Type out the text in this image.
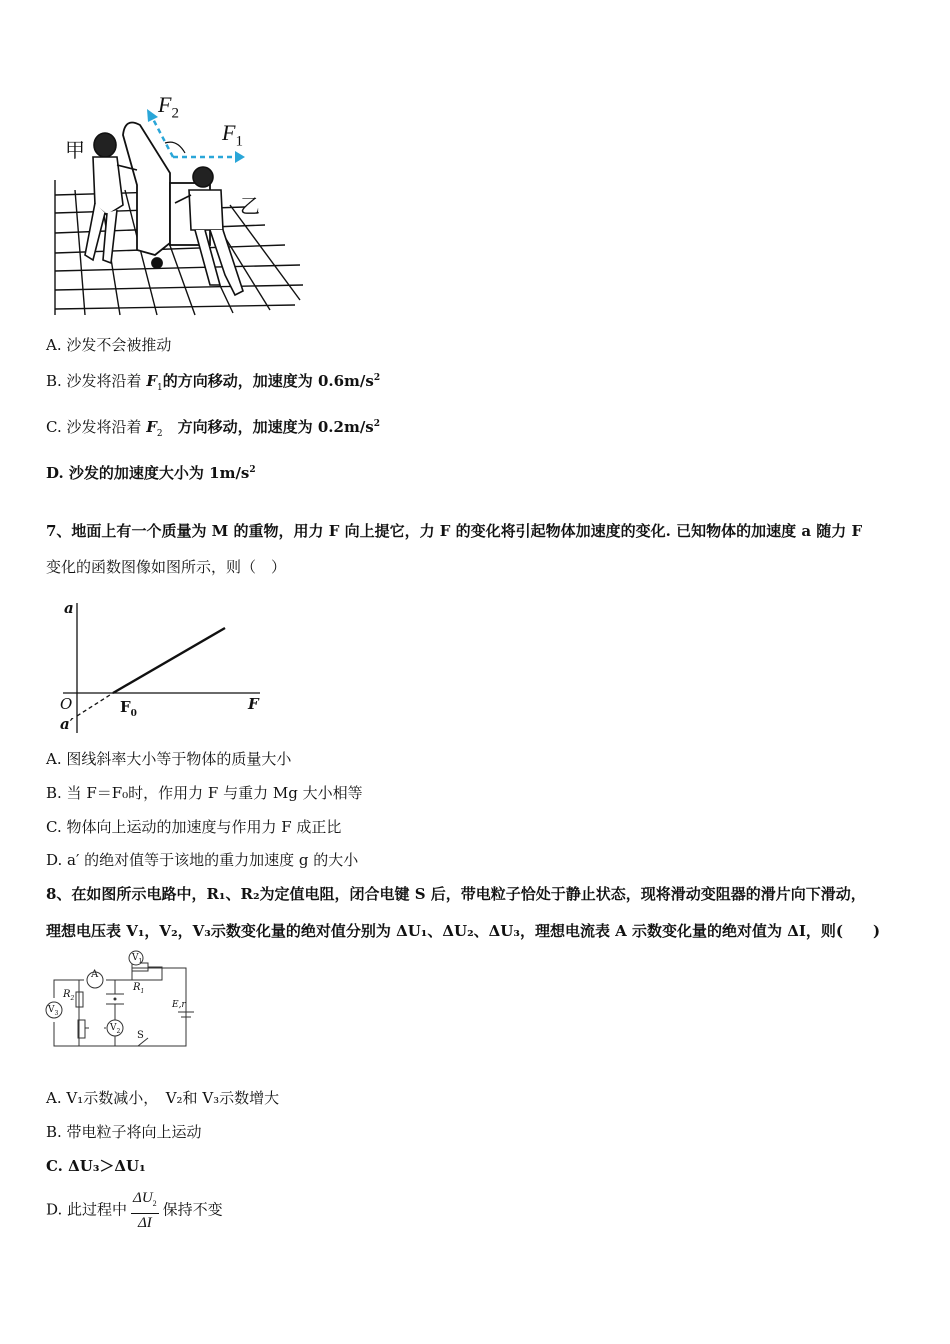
$F_2$
$F_1$
甲
乙
A. 沙发不会被推动
B. 沙发将沿着 $F_1$的方向移动，加速度为 $0.6m/s^2$
C. 沙发将沿着 $F_2$　方向移动，加速度为 $0.2m/s^2$
D. 沙发的加速度大小为 $1m/s^2$
7、地面上有一个质量为 M 的重物，用力 F 向上提它，力 F 的变化将引起物体加速度的变化. 已知物体的加速度 a 随力 F
变化的函数图像如图所示，则（　）
a
F
O	$F_0$
a′
A. 图线斜率大小等于物体的质量大小
B. 当 F＝F₀时，作用力 F 与重力 Mg 大小相等
C. 物体向上运动的加速度与作用力 F 成正比
D. a′ 的绝对值等于该地的重力加速度 g 的大小
8、在如图所示电路中，R₁、R₂为定值电阻，闭合电键 S 后，带电粒子恰处于静止状态，现将滑动变阻器的滑片向下滑动，
理想电压表 V₁，V₂，V₃示数变化量的绝对值分别为 ΔU₁、ΔU₂、ΔU₃，理想电流表 A 示数变化量的绝对值为 ΔI，则(　　)
A
$V_3$
$V_1$
$V_2$
$R_1$
$R_2$
E,r
S
A. V₁示数减小，　V₂和 V₃示数增大
B. 带电粒子将向上运动
C. ΔU₃＞ΔU₁
D. 此过程中 $\frac{\Delta U_2}{\Delta I}$ 保持不变
